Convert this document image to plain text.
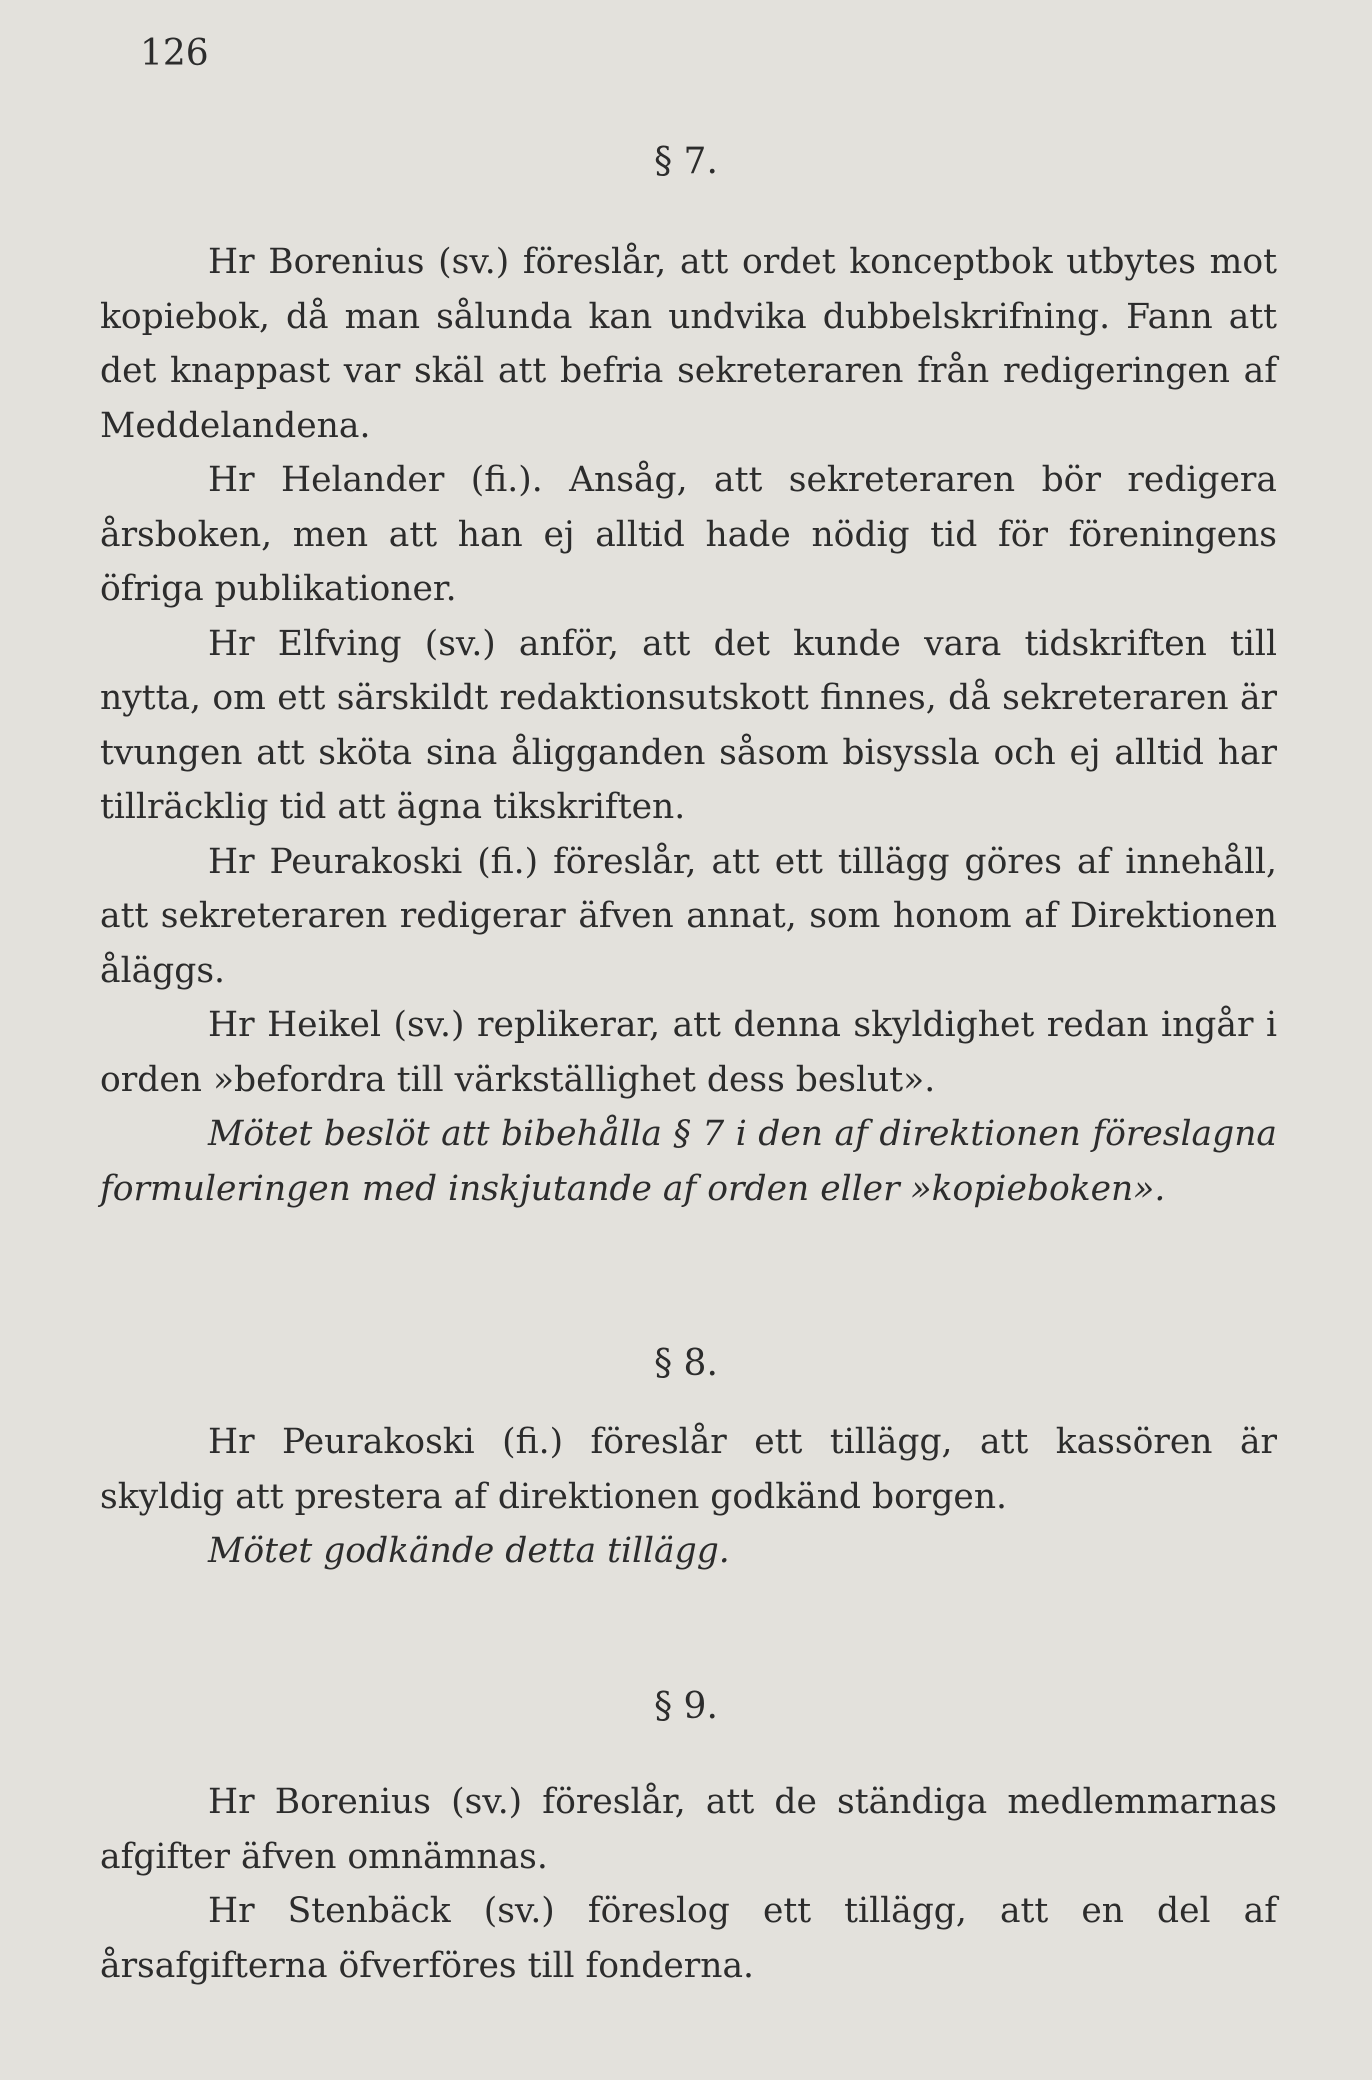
126
§ 7.

Hr Borenius (sv.) föreslår, att ordet konceptbok utbytes mot kopiebok, då man sålunda kan undvika dubbelskrifning. Fann att det knappast var skäl att befria sekreteraren från redigeringen af Meddelandena.

Hr Helander (fi.). Ansåg, att sekreteraren bör redigera årsboken, men att han ej alltid hade nödig tid för föreningens öfriga publikationer.

Hr Elfving (sv.) anför, att det kunde vara tidskriften till nytta, om ett särskildt redaktionsutskott finnes, då sekreteraren är tvungen att sköta sina åligganden såsom bisyssla och ej alltid har tillräcklig tid att ägna tikskriften.

Hr Peurakoski (fi.) föreslår, att ett tillägg göres af innehåll, att sekreteraren redigerar äfven annat, som honom af Direktionen åläggs.

Hr Heikel (sv.) replikerar, att denna skyldighet redan ingår i orden »befordra till värkställighet dess beslut».

Mötet beslöt att bibehålla § 7 i den af direktionen föreslagna formuleringen med inskjutande af orden eller »kopieboken».

§ 8.

Hr Peurakoski (fi.) föreslår ett tillägg, att kassören är skyldig att prestera af direktionen godkänd borgen.

Mötet godkände detta tillägg.

§ 9.

Hr Borenius (sv.) föreslår, att de ständiga medlemmarnas afgifter äfven omnämnas.

Hr Stenbäck (sv.) föreslog ett tillägg, att en del af årsafgifterna öfverföres till fonderna.
